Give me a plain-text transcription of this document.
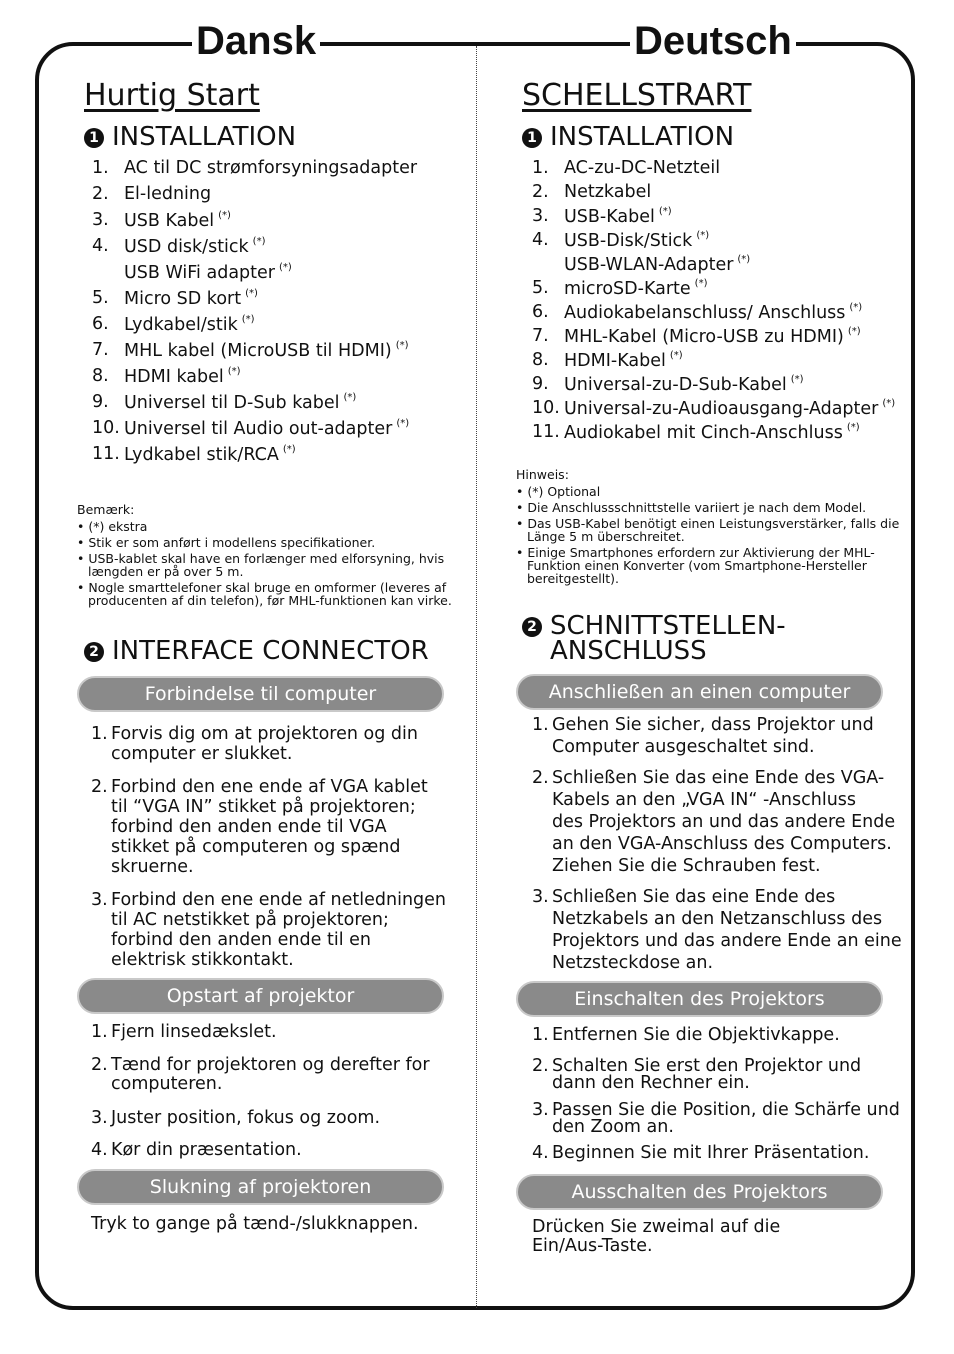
Dansk	Deutsch
Hurtig Start
1 INSTALLATION
1. AC til DC strømforsyningsadapter
2. El-ledning
3. USB Kabel (*)
4. USD disk/stick (*)
USB WiFi adapter (*)
5. Micro SD kort (*)
6. Lydkabel/stik (*)
7. MHL kabel (MicroUSB til HDMI) (*)
8. HDMI kabel (*)
9. Universel til D-Sub kabel (*)
10. Universel til Audio out-adapter (*)
11. Lydkabel stik/RCA (*)
Bemærk:
• (*) ekstra
• Stik er som anført i modellens specifikationer.
• USB-kablet skal have en forlænger med elforsyning, hvis længden er på over 5 m.
• Nogle smarttelefoner skal bruge en omformer (leveres af producenten af din telefon), før MHL-funktionen kan virke.
2 INTERFACE CONNECTOR
Forbindelse til computer
1. Forvis dig om at projektoren og din
computer er slukket.
2. Forbind den ene ende af VGA kablet
til “VGA IN” stikket på projektoren;
forbind den anden ende til VGA
stikket på computeren og spænd
skruerne.
3. Forbind den ene ende af netledningen
til AC netstikket på projektoren;
forbind den anden ende til en
elektrisk stikkontakt.
Opstart af projektor
1. Fjern linsedækslet.
2. Tænd for projektoren og derefter for
computeren.
3. Juster position, fokus og zoom.
4. Kør din præsentation.
Slukning af projektoren
Tryk to gange på tænd-/slukknappen.
SCHELLSTRART
1 INSTALLATION
1. AC-zu-DC-Netzteil
2. Netzkabel
3. USB-Kabel (*)
4. USB-Disk/Stick (*)
USB-WLAN-Adapter (*)
5. microSD-Karte (*)
6. Audiokabelanschluss/ Anschluss (*)
7. MHL-Kabel (Micro-USB zu HDMI) (*)
8. HDMI-Kabel (*)
9. Universal-zu-D-Sub-Kabel (*)
10. Universal-zu-Audioausgang-Adapter (*)
11. Audiokabel mit Cinch-Anschluss (*)
Hinweis:
• (*) Optional
• Die Anschlussschnittstelle variiert je nach dem Model.
• Das USB-Kabel benötigt einen Leistungsverstärker, falls die Länge 5 m überschreitet.
• Einige Smartphones erfordern zur Aktivierung der MHL-Funktion einen Konverter (vom Smartphone-Hersteller bereitgestellt).
2 SCHNITTSTELLEN-
ANSCHLUSS
Anschließen an einen computer
1. Gehen Sie sicher, dass Projektor und
Computer ausgeschaltet sind.
2. Schließen Sie das eine Ende des VGA-
Kabels an den „VGA IN“ -Anschluss
des Projektors an und das andere Ende
an den VGA-Anschluss des Computers.
Ziehen Sie die Schrauben fest.
3. Schließen Sie das eine Ende des
Netzkabels an den Netzanschluss des
Projektors und das andere Ende an eine
Netzsteckdose an.
Einschalten des Projektors
1. Entfernen Sie die Objektivkappe.
2. Schalten Sie erst den Projektor und
dann den Rechner ein.
3. Passen Sie die Position, die Schärfe und
den Zoom an.
4. Beginnen Sie mit Ihrer Präsentation.
Ausschalten des Projektors
Drücken Sie zweimal auf die
Ein/Aus-Taste.
